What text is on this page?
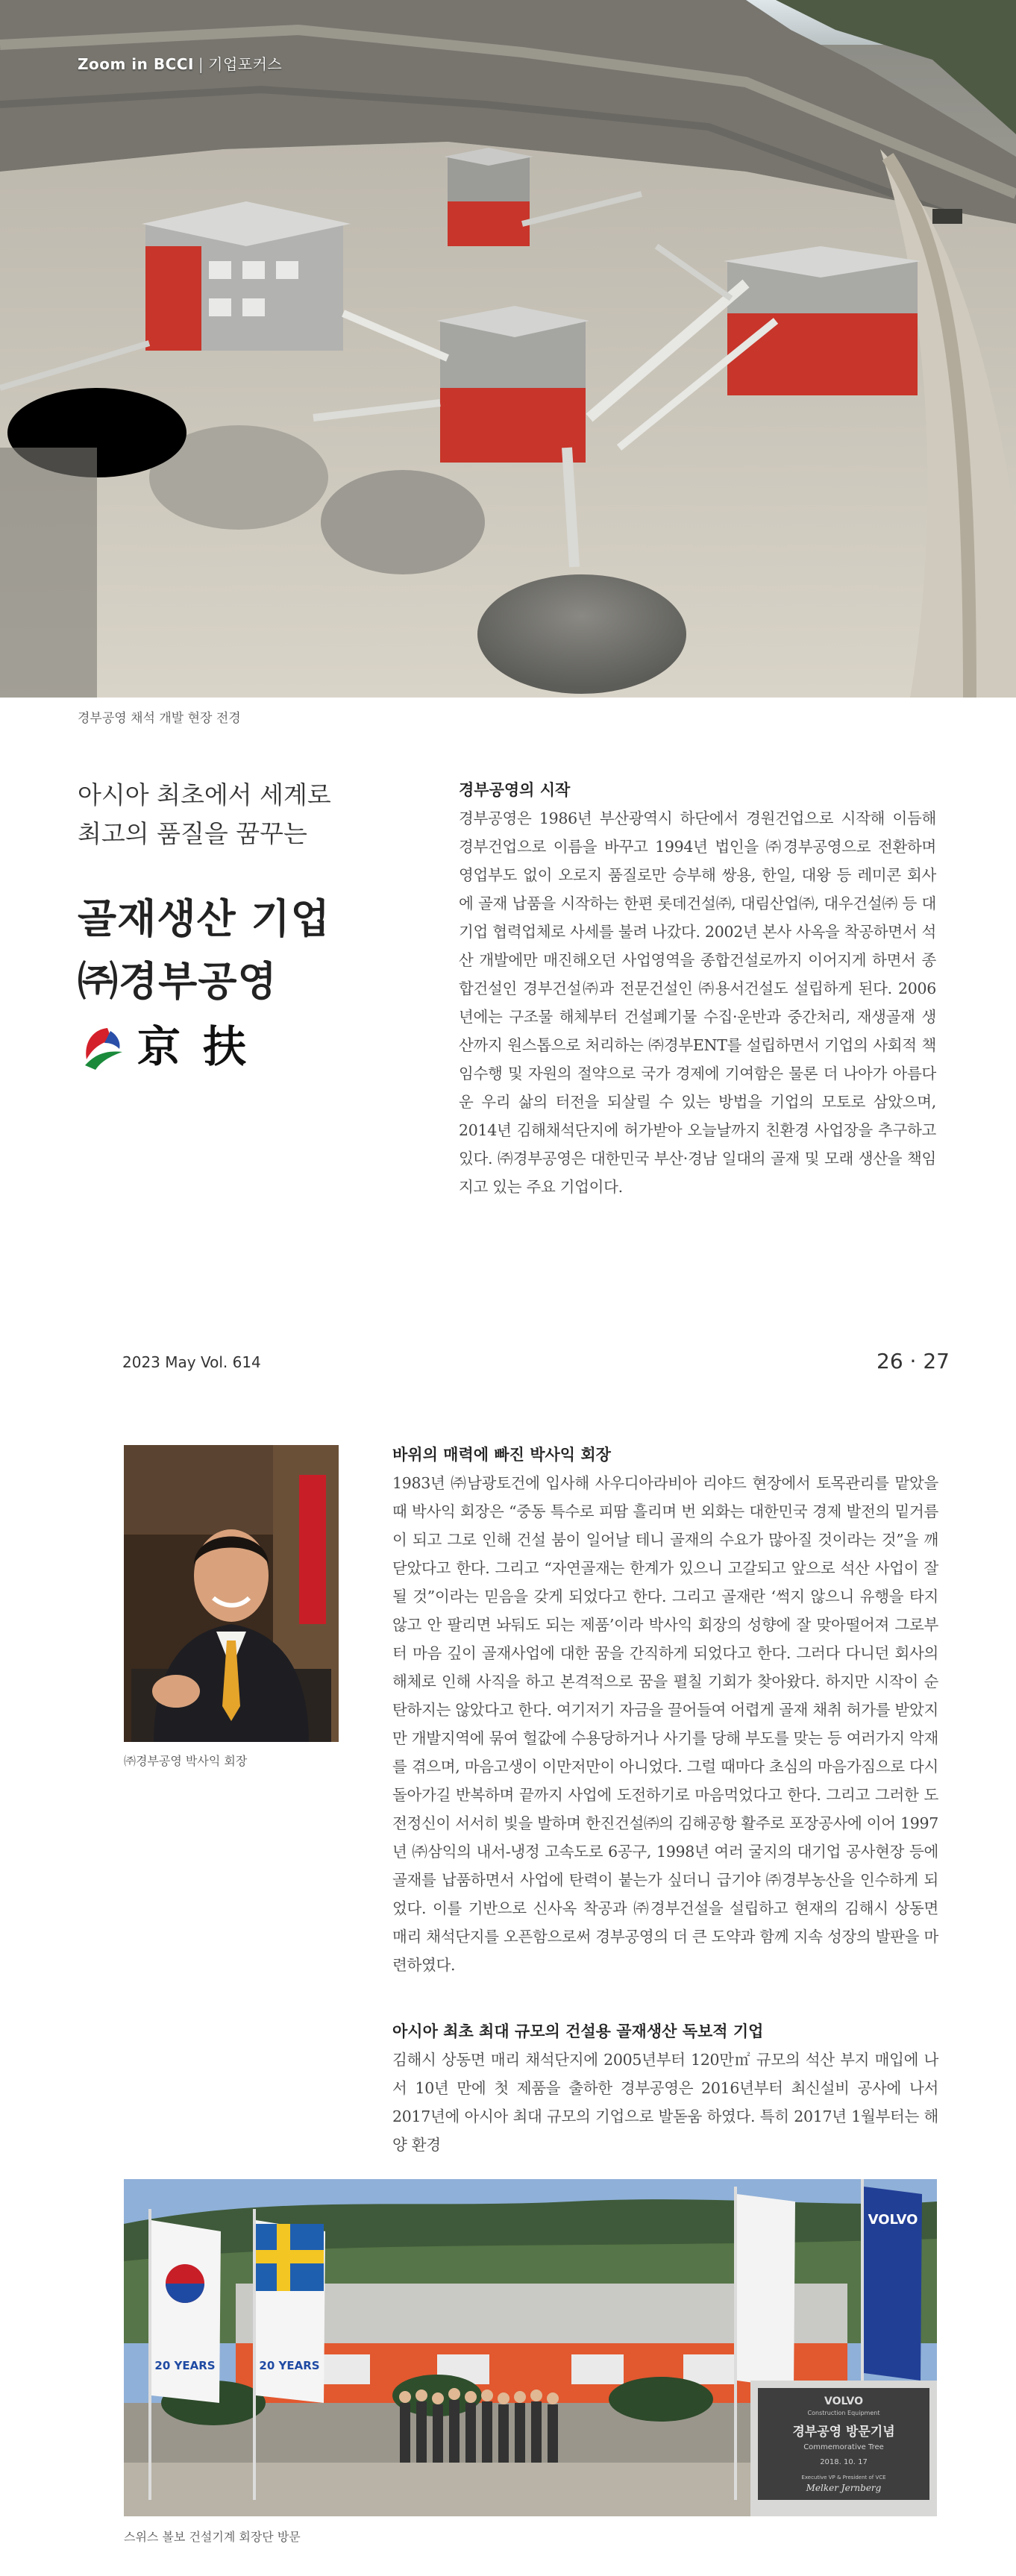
Zoom in BCCI | 기업포커스
경부공영 채석 개발 현장 전경
아시아 최초에서 세계로
최고의 품질을 꿈꾸는
골재생산 기업
㈜경부공영
京扶
경부공영의 시작

경부공영은 1986년 부산광역시 하단에서 경원건업으로 시작해 이듬해 경부건업으로 이름을 바꾸고 1994년 법인을 ㈜경부공영으로 전환하며 영업부도 없이 오로지 품질로만 승부해 쌍용, 한일, 대왕 등 레미콘 회사에 골재 납품을 시작하는 한편 롯데건설㈜, 대림산업㈜, 대우건설㈜ 등 대기업 협력업체로 사세를 불려 나갔다. 2002년 본사 사옥을 착공하면서 석산 개발에만 매진해오던 사업영역을 종합건설로까지 이어지게 하면서 종합건설인 경부건설㈜과 전문건설인 ㈜용서건설도 설립하게 된다. 2006년에는 구조물 해체부터 건설폐기물 수집·운반과 중간처리, 재생골재 생산까지 원스톱으로 처리하는 ㈜경부ENT를 설립하면서 기업의 사회적 책임수행 및 자원의 절약으로 국가 경제에 기여함은 물론 더 나아가 아름다운 우리 삶의 터전을 되살릴 수 있는 방법을 기업의 모토로 삼았으며, 2014년 김해채석단지에 허가받아 오늘날까지 친환경 사업장을 추구하고 있다. ㈜경부공영은 대한민국 부산·경남 일대의 골재 및 모래 생산을 책임지고 있는 주요 기업이다.

2023 May Vol. 614	26 · 27
㈜경부공영 박사익 회장
바위의 매력에 빠진 박사익 회장

1983년 ㈜남광토건에 입사해 사우디아라비아 리야드 현장에서 토목관리를 맡았을 때 박사익 회장은 “중동 특수로 피땀 흘리며 번 외화는 대한민국 경제 발전의 밑거름이 되고 그로 인해 건설 붐이 일어날 테니 골재의 수요가 많아질 것이라는 것”을 깨닫았다고 한다. 그리고 “자연골재는 한계가 있으니 고갈되고 앞으로 석산 사업이 잘될 것”이라는 믿음을 갖게 되었다고 한다. 그리고 골재란 ‘썩지 않으니 유행을 타지 않고 안 팔리면 놔둬도 되는 제품’이라 박사익 회장의 성향에 잘 맞아떨어져 그로부터 마음 깊이 골재사업에 대한 꿈을 간직하게 되었다고 한다. 그러다 다니던 회사의 해체로 인해 사직을 하고 본격적으로 꿈을 펼칠 기회가 찾아왔다. 하지만 시작이 순탄하지는 않았다고 한다. 여기저기 자금을 끌어들여 어렵게 골재 채취 허가를 받았지만 개발지역에 묶여 헐값에 수용당하거나 사기를 당해 부도를 맞는 등 여러가지 악재를 겪으며, 마음고생이 이만저만이 아니었다. 그럴 때마다 초심의 마음가짐으로 다시 돌아가길 반복하며 끝까지 사업에 도전하기로 마음먹었다고 한다. 그리고 그러한 도전정신이 서서히 빛을 발하며 한진건설㈜의 김해공항 활주로 포장공사에 이어 1997년 ㈜삼익의 내서-냉정 고속도로 6공구, 1998년 여러 굴지의 대기업 공사현장 등에 골재를 납품하면서 사업에 탄력이 붙는가 싶더니 급기야 ㈜경부농산을 인수하게 되었다. 이를 기반으로 신사옥 착공과 ㈜경부건설을 설립하고 현재의 김해시 상동면 매리 채석단지를 오픈함으로써 경부공영의 더 큰 도약과 함께 지속 성장의 발판을 마련하였다.

아시아 최초 최대 규모의 건설용 골재생산 독보적 기업

김해시 상동면 매리 채석단지에 2005년부터 120만㎡ 규모의 석산 부지 매입에 나서 10년 만에 첫 제품을 출하한 경부공영은 2016년부터 최신설비 공사에 나서 2017년에 아시아 최대 규모의 기업으로 발돋움 하였다. 특히 2017년 1월부터는 해양 환경

20 YEARS	20 YEARS
VOLVO
VOLVO
Construction Equipment
경부공영 방문기념
Commemorative Tree
2018. 10. 17
Executive VP & President of VCE
Melker Jernberg
스위스 볼보 건설기계 회장단 방문
